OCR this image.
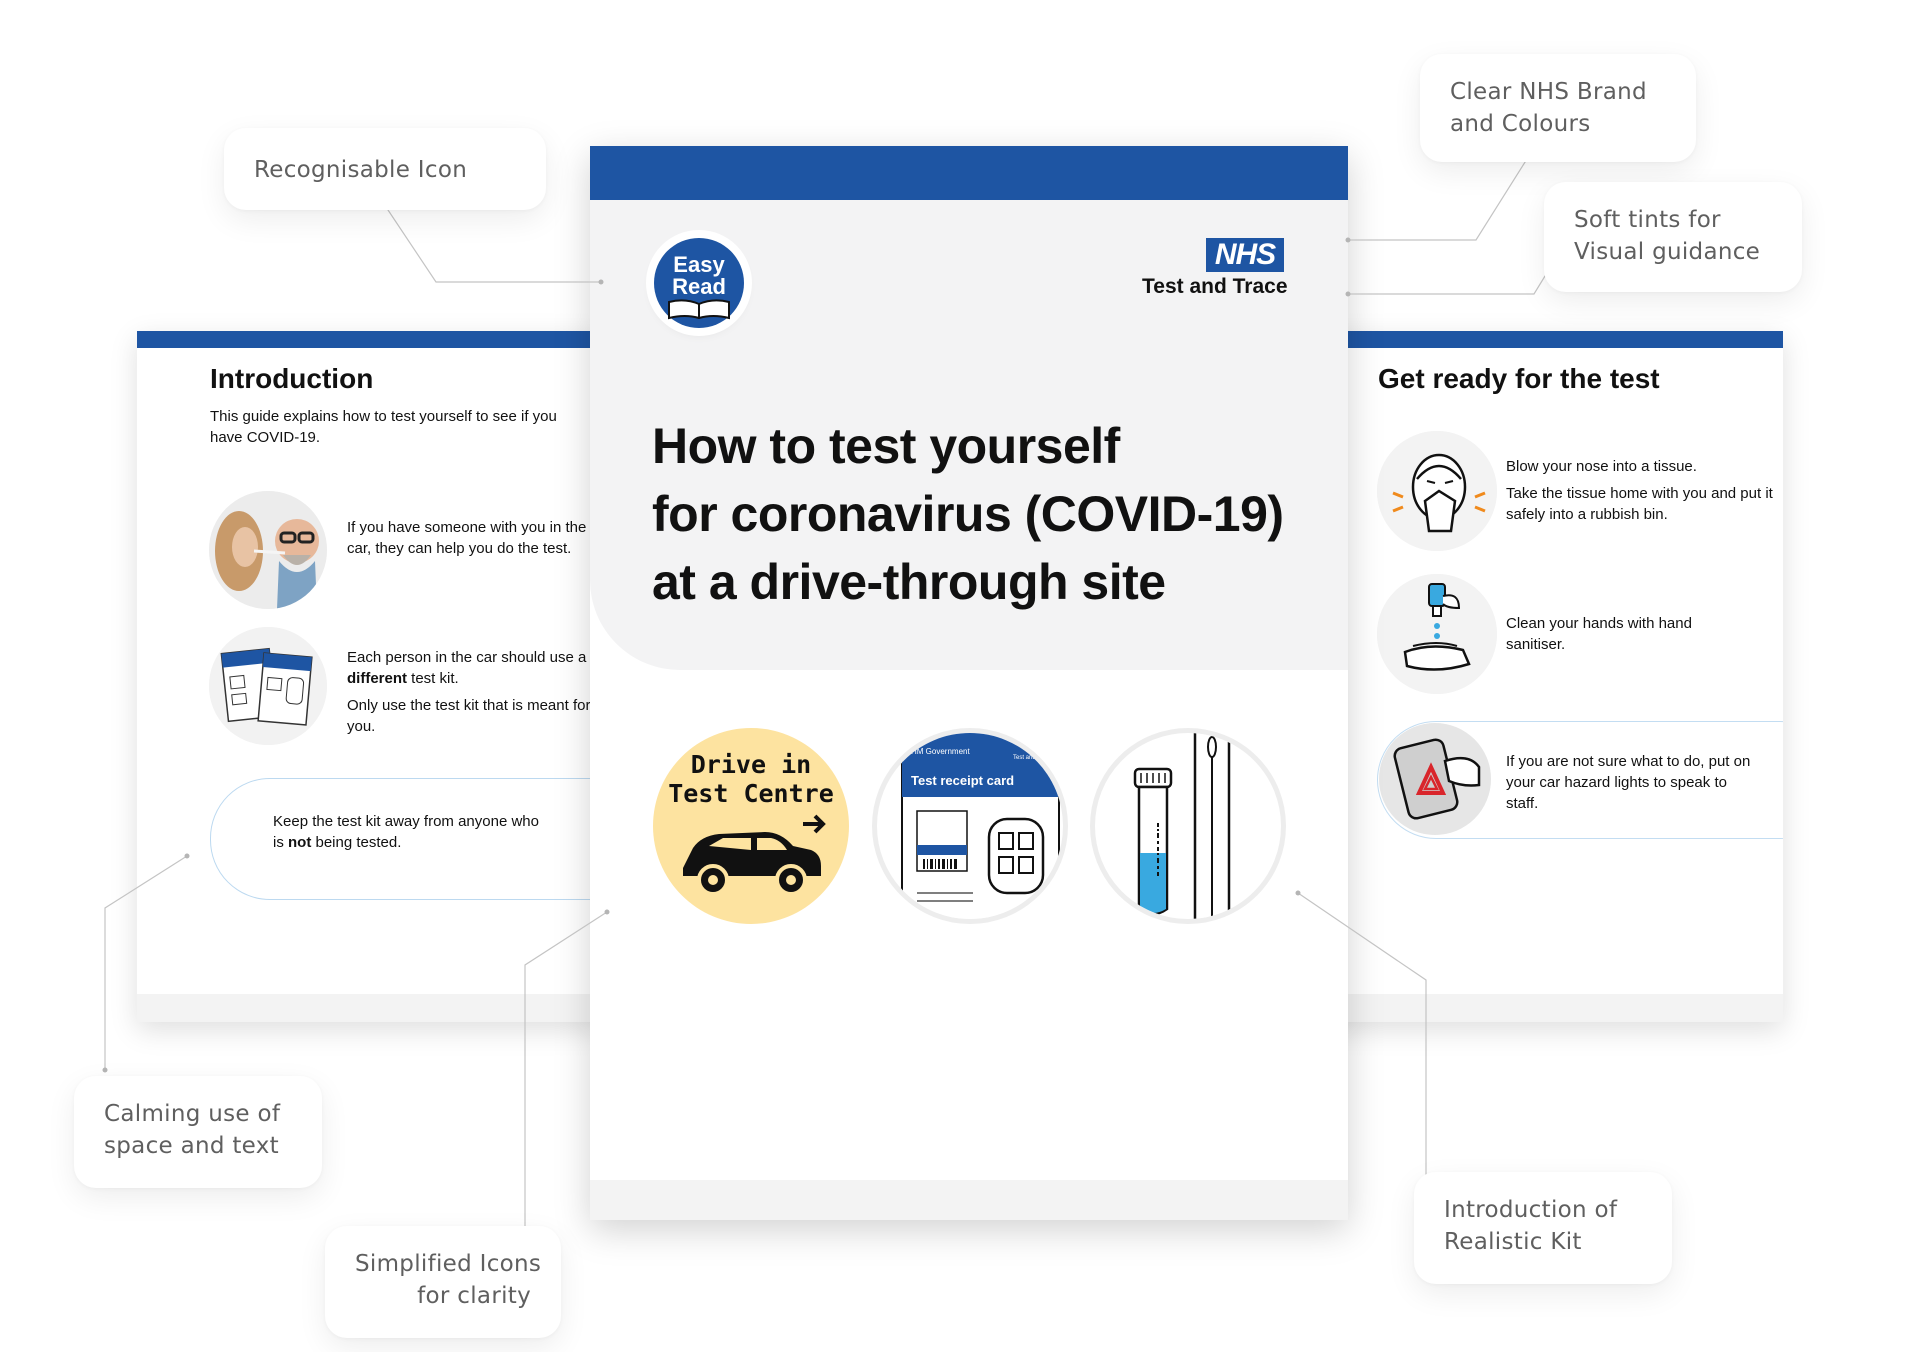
Introduction
This guide explains how to test yourself to see if you have COVID-19.
If you have someone with you in the car, they can help you do the test.
Each person in the car should use a different test kit.
Only use the test kit that is meant for you.
Keep the test kit away from anyone who is not being tested.
Get ready for the test
Blow your nose into a tissue.
Take the tissue home with you and put it safely into a rubbish bin.
Clean your hands with hand sanitiser.
If you are not sure what to do, put on your car hazard lights to speak to staff.
Easy
Read
NHS
Test and Trace
How to test yourself
for coronavirus (COVID-19)
at a drive-through site
Drive in
Test Centre
HM Government	NHS
Test and Trace
Test receipt card
Recognisable Icon
Clear NHS Brand
and Colours
Soft tints for
Visual guidance
Calming use of
space and text
Simplified Icons
for clarity
Introduction of
Realistic Kit
